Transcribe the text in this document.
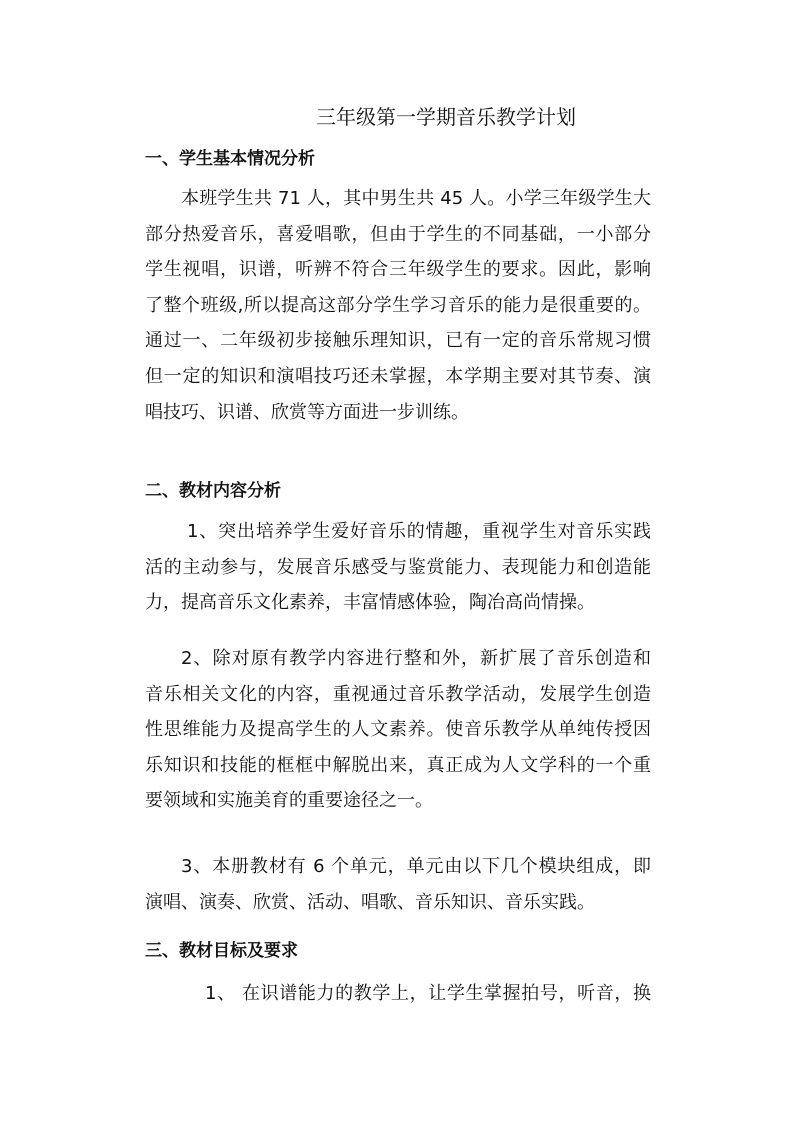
三年级第一学期音乐教学计划
一、学生基本情况分析
本班学生共 71 人，其中男生共 45 人。小学三年级学生大
部分热爱音乐，喜爱唱歌，但由于学生的不同基础，一小部分
学生视唱，识谱，听辨不符合三年级学生的要求。因此，影响
了整个班级,所以提高这部分学生学习音乐的能力是很重要的。
通过一、二年级初步接触乐理知识，已有一定的音乐常规习惯
但一定的知识和演唱技巧还未掌握，本学期主要对其节奏、演
唱技巧、识谱、欣赏等方面进一步训练。
二、教材内容分析
1、突出培养学生爱好音乐的情趣，重视学生对音乐实践
活的主动参与，发展音乐感受与鉴赏能力、表现能力和创造能
力，提高音乐文化素养，丰富情感体验，陶冶高尚情操。
2、除对原有教学内容进行整和外，新扩展了音乐创造和
音乐相关文化的内容，重视通过音乐教学活动，发展学生创造
性思维能力及提高学生的人文素养。使音乐教学从单纯传授因
乐知识和技能的框框中解脱出来，真正成为人文学科的一个重
要领域和实施美育的重要途径之一。
3、本册教材有 6 个单元，单元由以下几个模块组成，即
演唱、演奏、欣赏、活动、唱歌、音乐知识、音乐实践。
三、教材目标及要求
1、 在识谱能力的教学上，让学生掌握拍号，听音，换
